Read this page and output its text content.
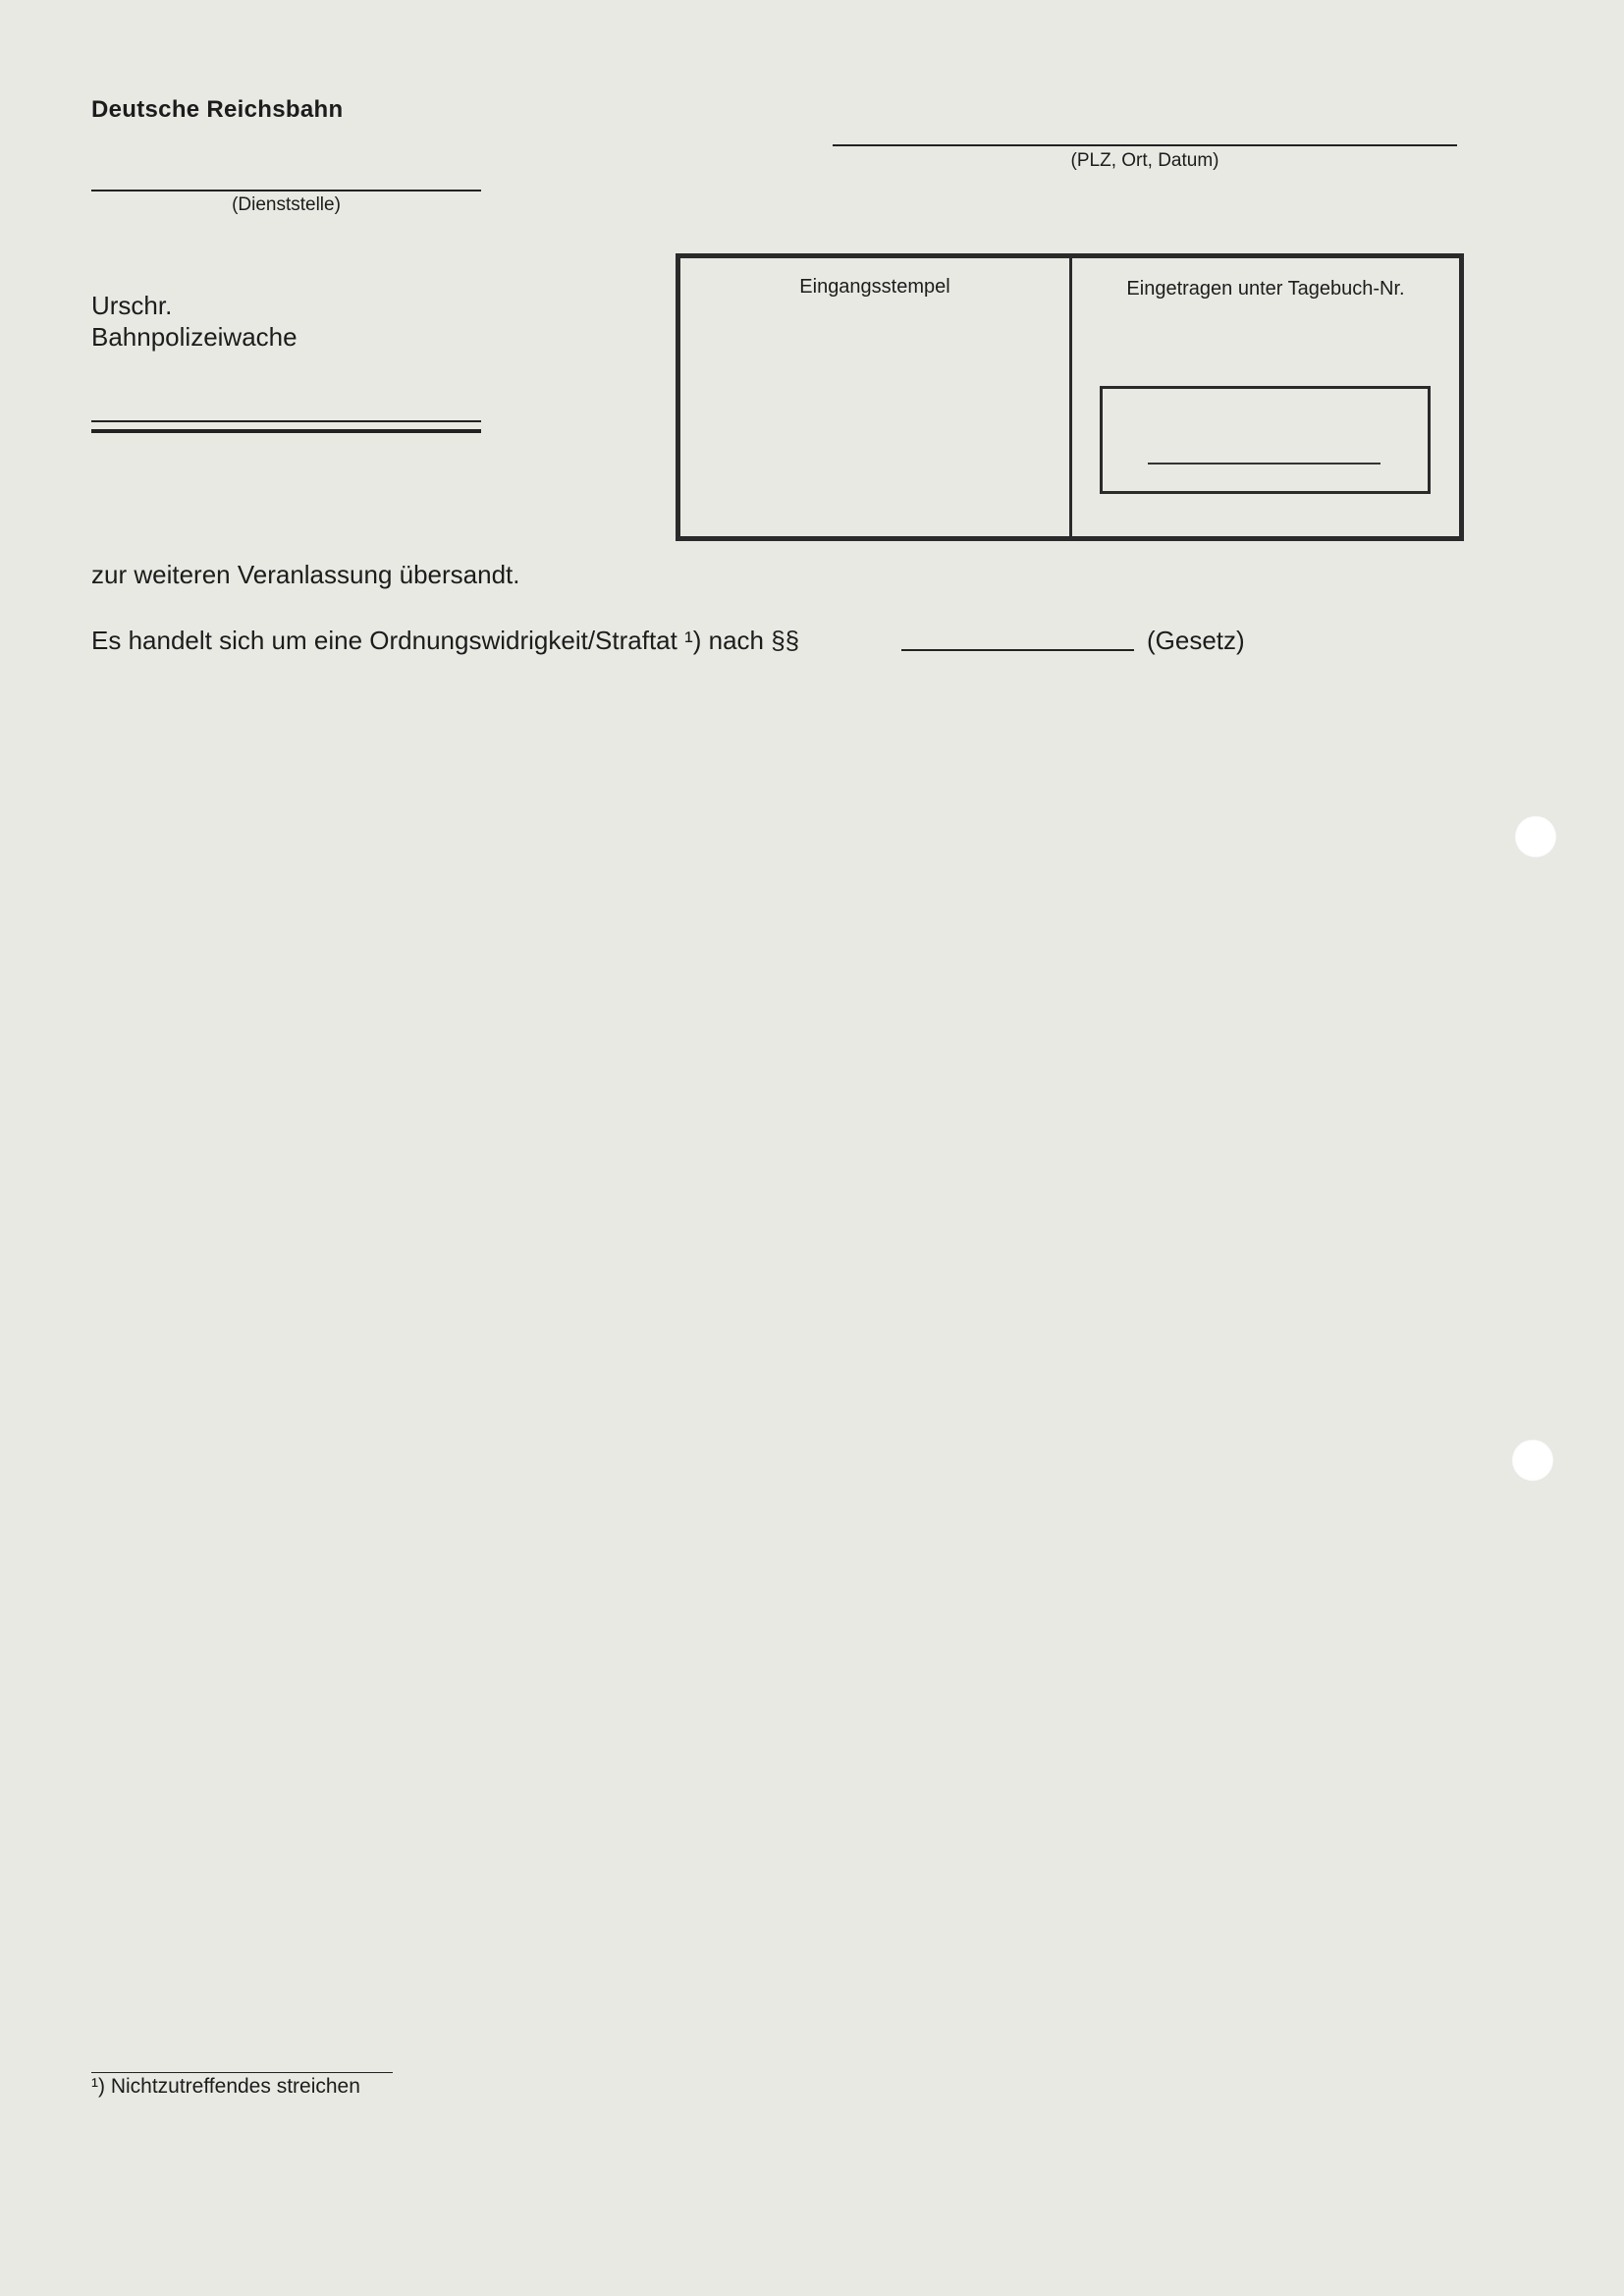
Deutsche Reichsbahn
(Dienststelle)
(PLZ, Ort, Datum)
Urschr.
Bahnpolizeiwache
Eingangsstempel	Eingetragen unter Tagebuch-Nr.
zur weiteren Veranlassung übersandt.
Es handelt sich um eine Ordnungswidrigkeit/Straftat ¹) nach §§	(Gesetz)
¹) Nichtzutreffendes streichen
